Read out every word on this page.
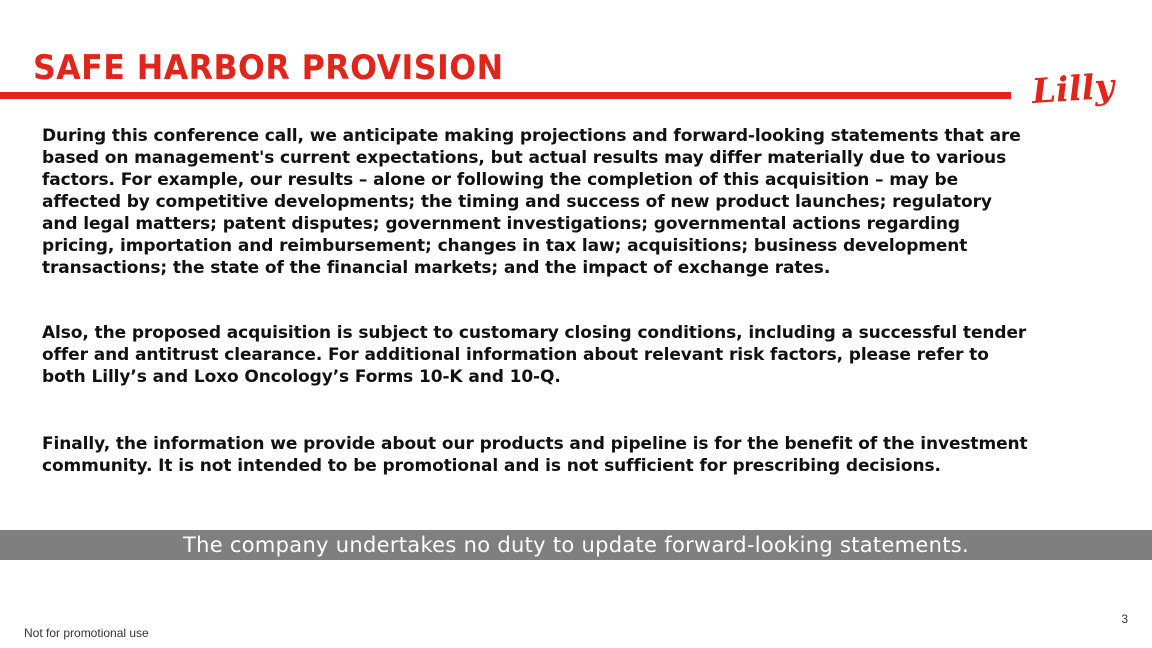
SAFE HARBOR PROVISION	Lilly

During this conference call, we anticipate making projections and forward-looking statements that are based on management's current expectations, but actual results may differ materially due to various factors. For example, our results – alone or following the completion of this acquisition – may be affected by competitive developments; the timing and success of new product launches; regulatory and legal matters; patent disputes; government investigations; governmental actions regarding pricing, importation and reimbursement; changes in tax law; acquisitions; business development transactions; the state of the financial markets; and the impact of exchange rates.

Also, the proposed acquisition is subject to customary closing conditions, including a successful tender offer and antitrust clearance. For additional information about relevant risk factors, please refer to both Lilly’s and Loxo Oncology’s Forms 10-K and 10-Q.

Finally, the information we provide about our products and pipeline is for the benefit of the investment community. It is not intended to be promotional and is not sufficient for prescribing decisions.

The company undertakes no duty to update forward-looking statements.
3
Not for promotional use
